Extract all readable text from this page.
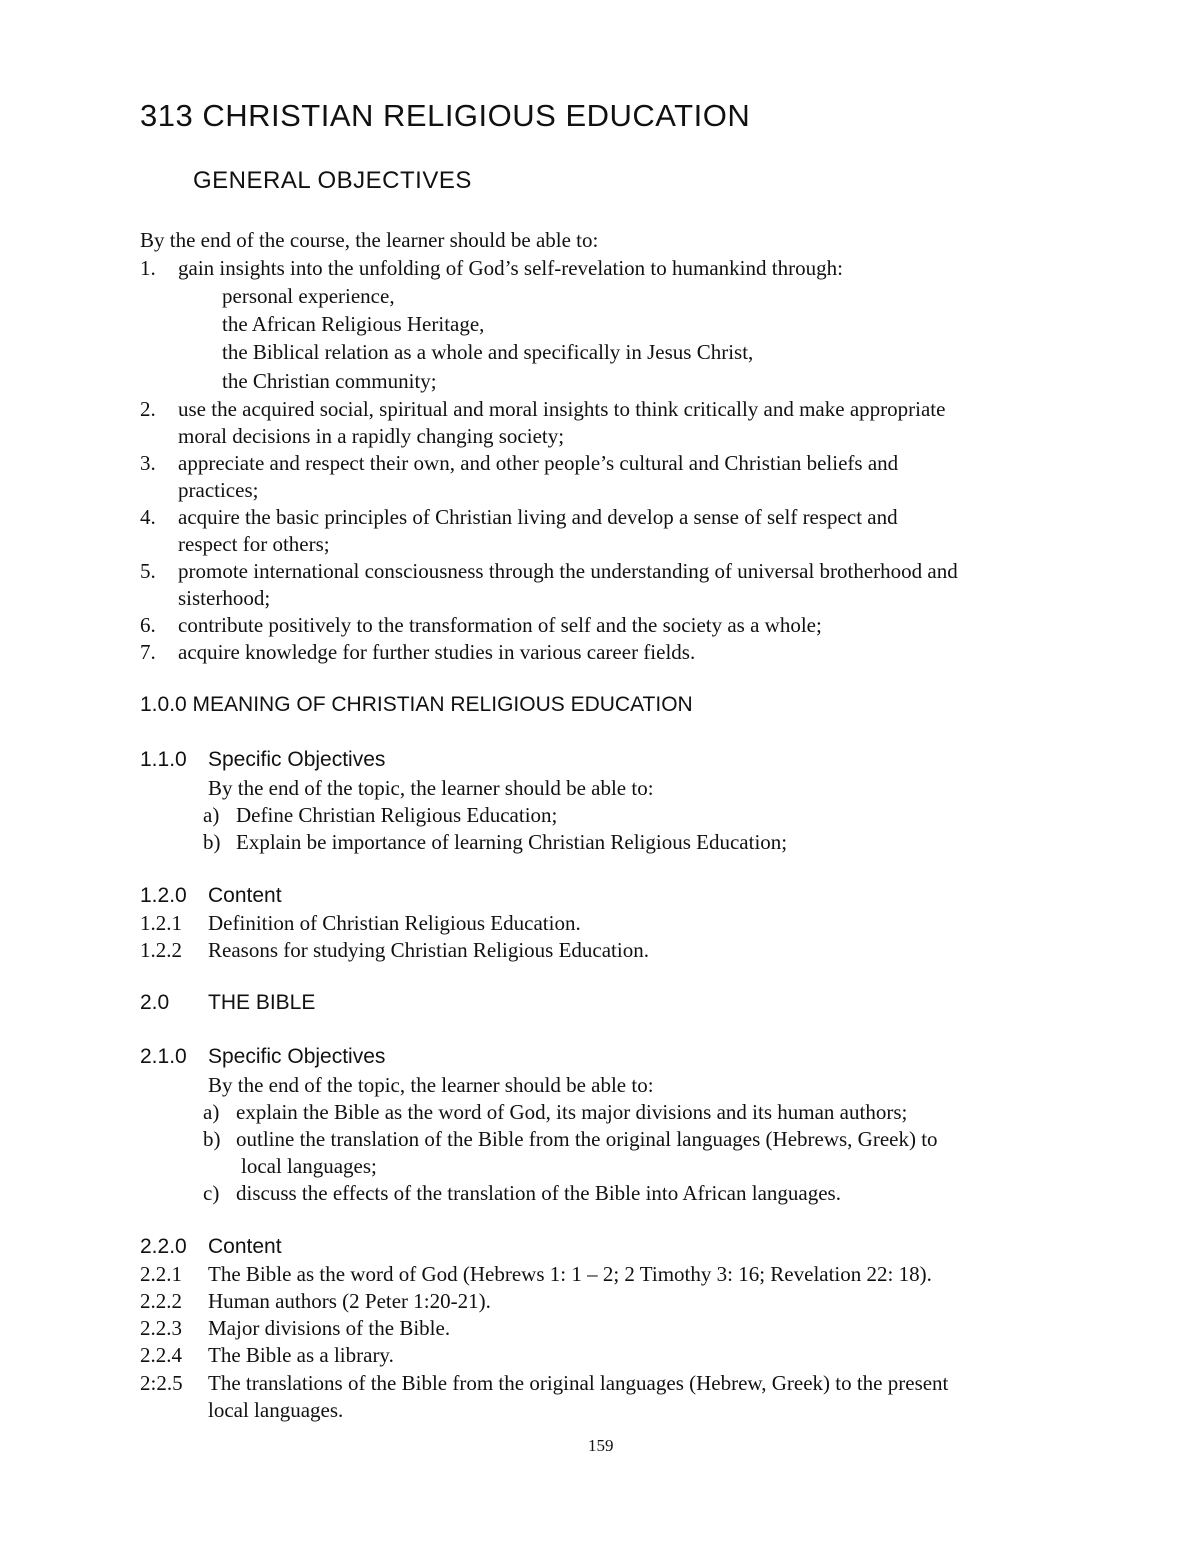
313 CHRISTIAN RELIGIOUS EDUCATION
GENERAL OBJECTIVES
By the end of the course, the learner should be able to:
1. gain insights into the unfolding of God’s self-revelation to humankind through:
personal experience,
the African Religious Heritage,
the Biblical relation as a whole and specifically in Jesus Christ,
the Christian community;
2. use the acquired social, spiritual and moral insights to think critically and make appropriate
moral decisions in a rapidly changing society;
3. appreciate and respect their own, and other people’s cultural and Christian beliefs and
practices;
4. acquire the basic principles of Christian living and develop a sense of self respect and
respect for others;
5. promote international consciousness through the understanding of universal brotherhood and
sisterhood;
6. contribute positively to the transformation of self and the society as a whole;
7. acquire knowledge for further studies in various career fields.
1.0.0 MEANING OF CHRISTIAN RELIGIOUS EDUCATION
1.1.0 Specific Objectives
By the end of the topic, the learner should be able to:
a) Define Christian Religious Education;
b) Explain be importance of learning Christian Religious Education;
1.2.0 Content
1.2.1 Definition of Christian Religious Education.
1.2.2 Reasons for studying Christian Religious Education.
2.0 THE BIBLE
2.1.0 Specific Objectives
By the end of the topic, the learner should be able to:
a) explain the Bible as the word of God, its major divisions and its human authors;
b) outline the translation of the Bible from the original languages (Hebrews, Greek) to
local languages;
c) discuss the effects of the translation of the Bible into African languages.
2.2.0 Content
2.2.1 The Bible as the word of God (Hebrews 1: 1 – 2; 2 Timothy 3: 16; Revelation 22: 18).
2.2.2 Human authors (2 Peter 1:20-21).
2.2.3 Major divisions of the Bible.
2.2.4 The Bible as a library.
2:2.5 The translations of the Bible from the original languages (Hebrew, Greek) to the present
local languages.
159
